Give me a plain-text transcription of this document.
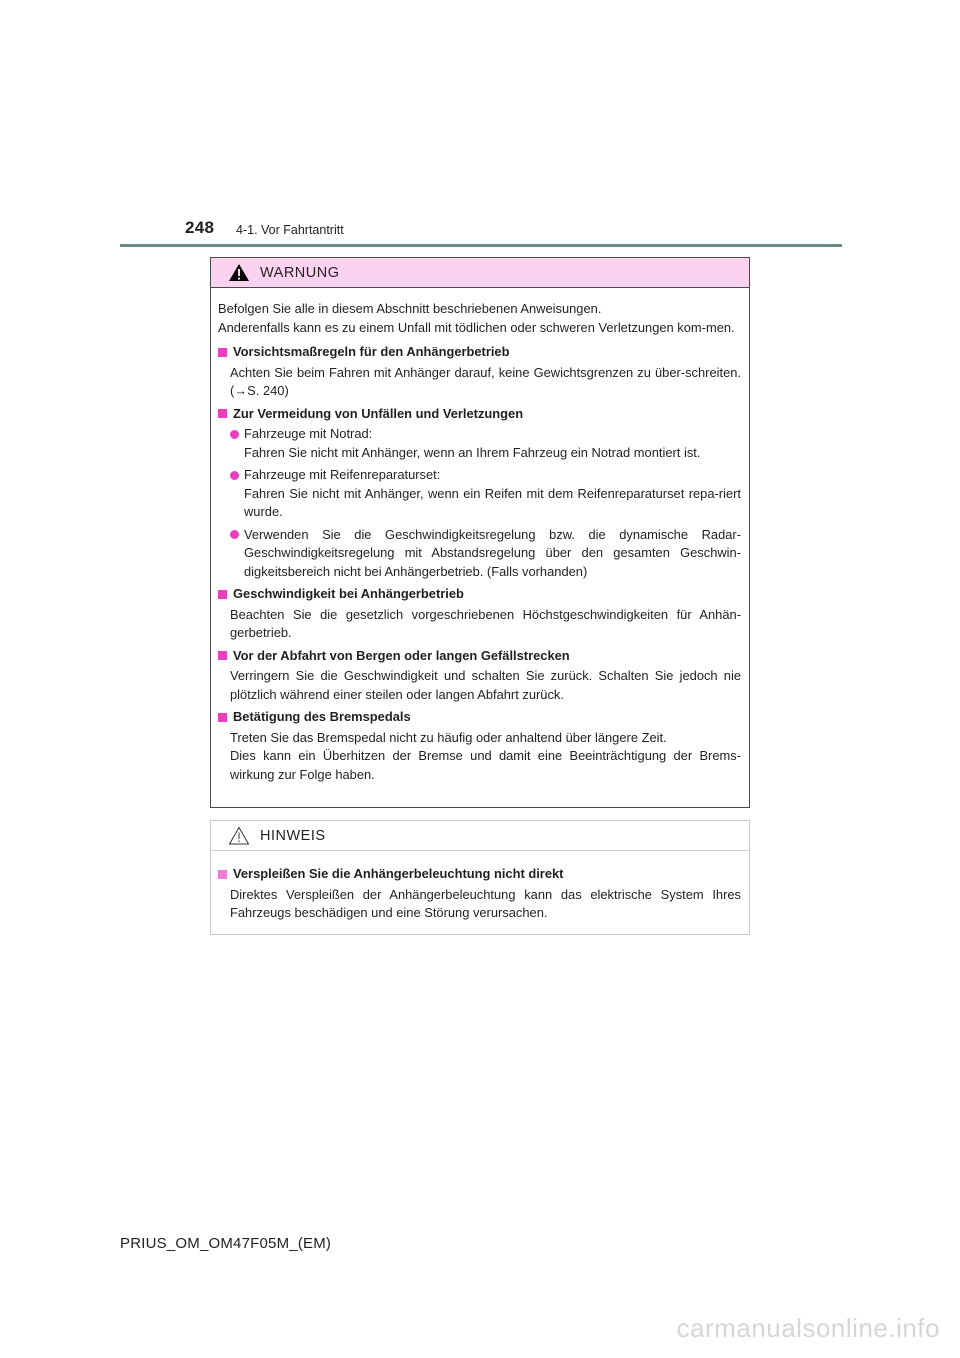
248 4-1. Vor Fahrtantritt
WARNUNG

Befolgen Sie alle in diesem Abschnitt beschriebenen Anweisungen.

Anderenfalls kann es zu einem Unfall mit tödlichen oder schweren Verletzungen kom-men.

Vorsichtsmaßregeln für den Anhängerbetrieb

Achten Sie beim Fahren mit Anhänger darauf, keine Gewichtsgrenzen zu über-schreiten. (→S. 240)

Zur Vermeidung von Unfällen und Verletzungen

Fahrzeuge mit Notrad:

Fahren Sie nicht mit Anhänger, wenn an Ihrem Fahrzeug ein Notrad montiert ist.

Fahrzeuge mit Reifenreparaturset:

Fahren Sie nicht mit Anhänger, wenn ein Reifen mit dem Reifenreparaturset repa-riert wurde.

Verwenden Sie die Geschwindigkeitsregelung bzw. die dynamische Radar-Geschwindigkeitsregelung mit Abstandsregelung über den gesamten Geschwin-digkeitsbereich nicht bei Anhängerbetrieb. (Falls vorhanden)

Geschwindigkeit bei Anhängerbetrieb

Beachten Sie die gesetzlich vorgeschriebenen Höchstgeschwindigkeiten für Anhän-gerbetrieb.

Vor der Abfahrt von Bergen oder langen Gefällstrecken

Verringern Sie die Geschwindigkeit und schalten Sie zurück. Schalten Sie jedoch nie plötzlich während einer steilen oder langen Abfahrt zurück.

Betätigung des Bremspedals

Treten Sie das Bremspedal nicht zu häufig oder anhaltend über längere Zeit.

Dies kann ein Überhitzen der Bremse und damit eine Beeinträchtigung der Brems-wirkung zur Folge haben.

HINWEIS
Verspleißen Sie die Anhängerbeleuchtung nicht direkt

Direktes Verspleißen der Anhängerbeleuchtung kann das elektrische System Ihres Fahrzeugs beschädigen und eine Störung verursachen.

PRIUS_OM_OM47F05M_(EM)
carmanualsonline.info
